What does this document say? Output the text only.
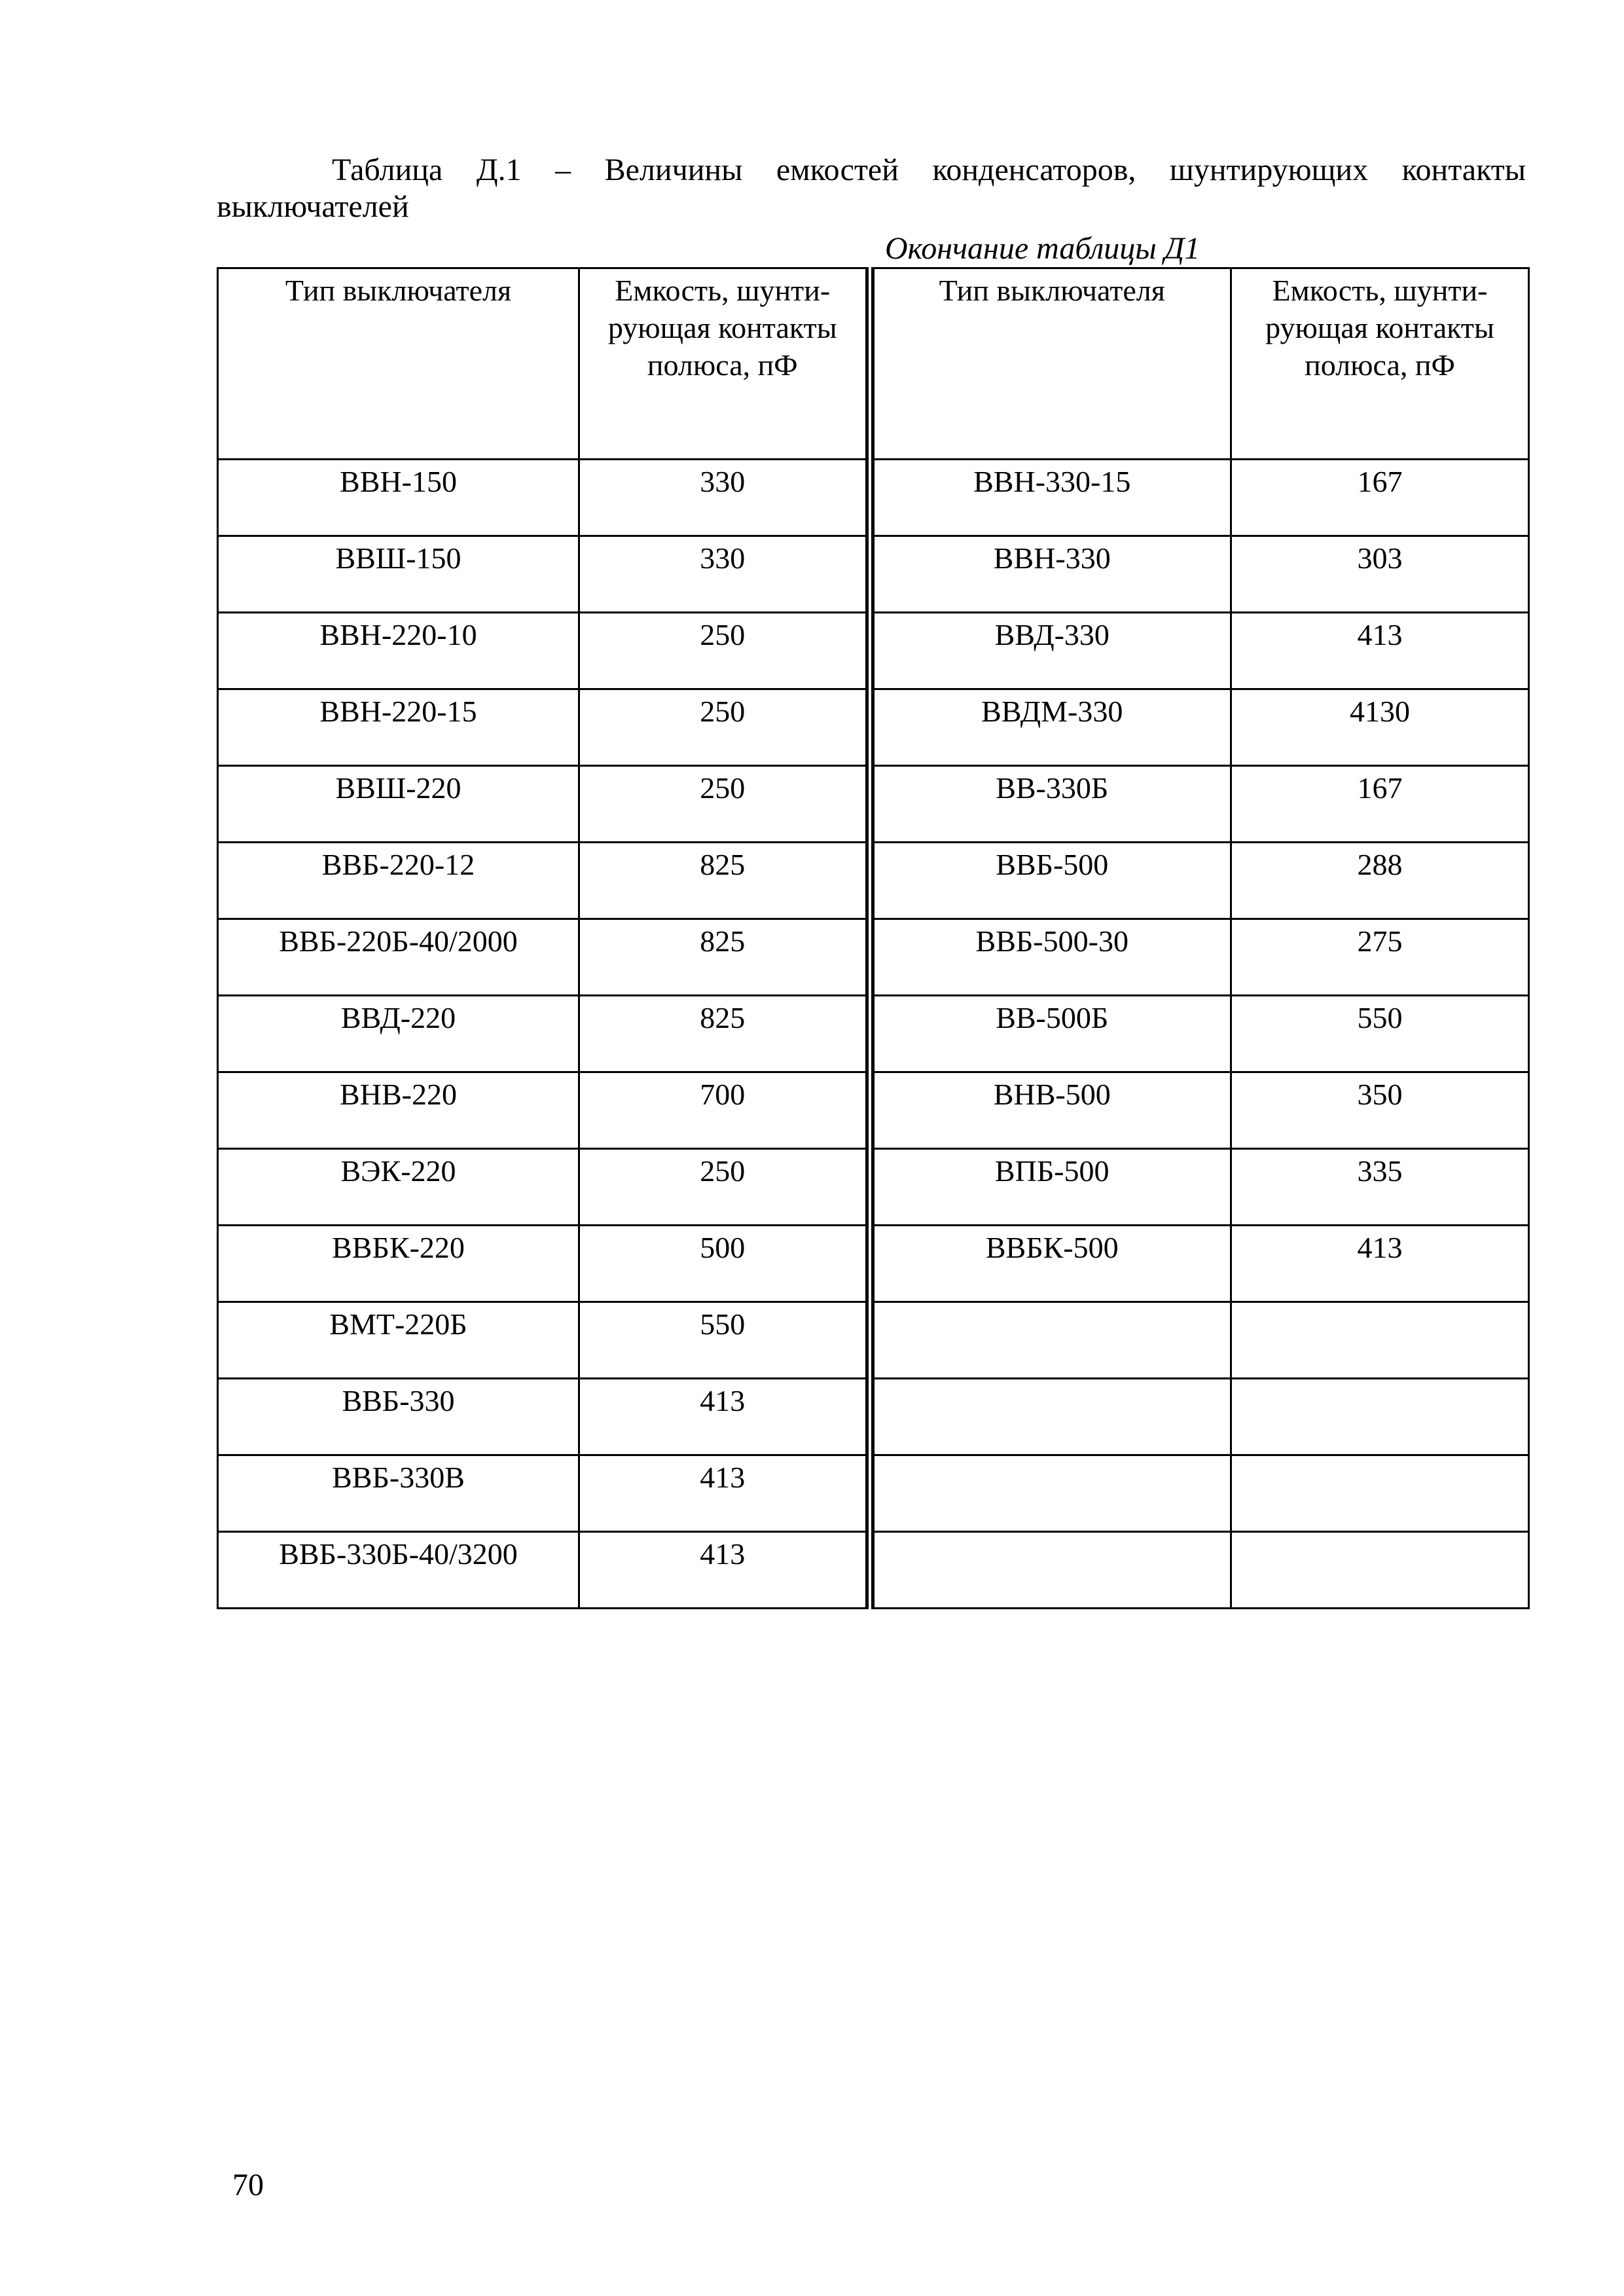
Таблица Д.1 – Величины емкостей конденсаторов, шунтирующих контакты выключателей
Окончание таблицы Д1
Тип выключателя	Емкость, шунти-рующая контакты полюса, пФ	Тип выключателя	Емкость, шунти-рующая контакты полюса, пФ
ВВН-150	330	ВВН-330-15	167
ВВШ-150	330	ВВН-330	303
ВВН-220-10	250	ВВД-330	413
ВВН-220-15	250	ВВДМ-330	4130
ВВШ-220	250	ВВ-330Б	167
ВВБ-220-12	825	ВВБ-500	288
ВВБ-220Б-40/2000	825	ВВБ-500-30	275
ВВД-220	825	ВВ-500Б	550
ВНВ-220	700	ВНВ-500	350
ВЭК-220	250	ВПБ-500	335
ВВБК-220	500	ВВБК-500	413
ВМТ-220Б	550		
ВВБ-330	413		
ВВБ-330В	413		
ВВБ-330Б-40/3200	413		
70
